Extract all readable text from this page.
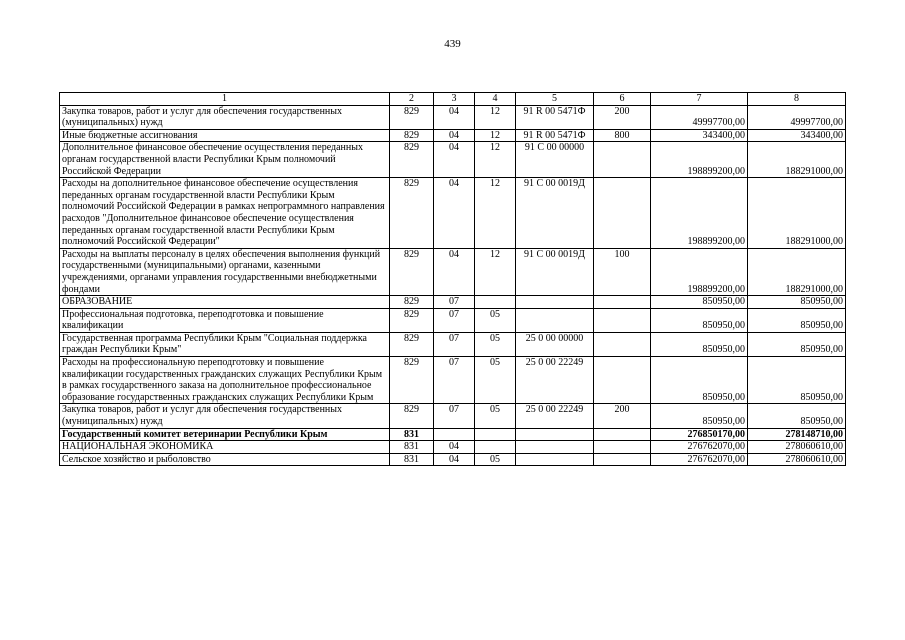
439
1	2	3	4	5	6	7	8
Закупка товаров, работ и услуг для обеспечения государственных (муниципальных) нужд	829	04	12	91 R 00 5471Ф	200	49997700,00	49997700,00
Иные бюджетные ассигнования	829	04	12	91 R 00 5471Ф	800	343400,00	343400,00
Дополнительное финансовое обеспечение осуществления переданных органам государственной власти Республики Крым полномочий Российской Федерации	829	04	12	91 C 00 00000		198899200,00	188291000,00
Расходы на дополнительное финансовое обеспечение осуществления переданных органам государственной власти Республики Крым полномочий Российской Федерации в рамках непрограммного направления расходов "Дополнительное финансовое обеспечение осуществления переданных органам государственной власти Республики Крым полномочий Российской Федерации"	829	04	12	91 C 00 0019Д		198899200,00	188291000,00
Расходы на выплаты персоналу в целях обеспечения выполнения функций государственными (муниципальными) органами, казенными учреждениями, органами управления государственными внебюджетными фондами	829	04	12	91 C 00 0019Д	100	198899200,00	188291000,00
ОБРАЗОВАНИЕ	829	07				850950,00	850950,00
Профессиональная подготовка, переподготовка и повышение квалификации	829	07	05			850950,00	850950,00
Государственная программа Республики Крым "Социальная поддержка граждан Республики Крым"	829	07	05	25 0 00 00000		850950,00	850950,00
Расходы на профессиональную переподготовку и повышение квалификации государственных гражданских служащих Республики Крым в рамках государственного заказа на дополнительное профессиональное образование государственных гражданских служащих Республики Крым	829	07	05	25 0 00 22249		850950,00	850950,00
Закупка товаров, работ и услуг для обеспечения государственных (муниципальных) нужд	829	07	05	25 0 00 22249	200	850950,00	850950,00
Государственный комитет ветеринарии Республики Крым	831					276850170,00	278148710,00
НАЦИОНАЛЬНАЯ ЭКОНОМИКА	831	04				276762070,00	278060610,00
Сельское хозяйство и рыболовство	831	04	05			276762070,00	278060610,00
